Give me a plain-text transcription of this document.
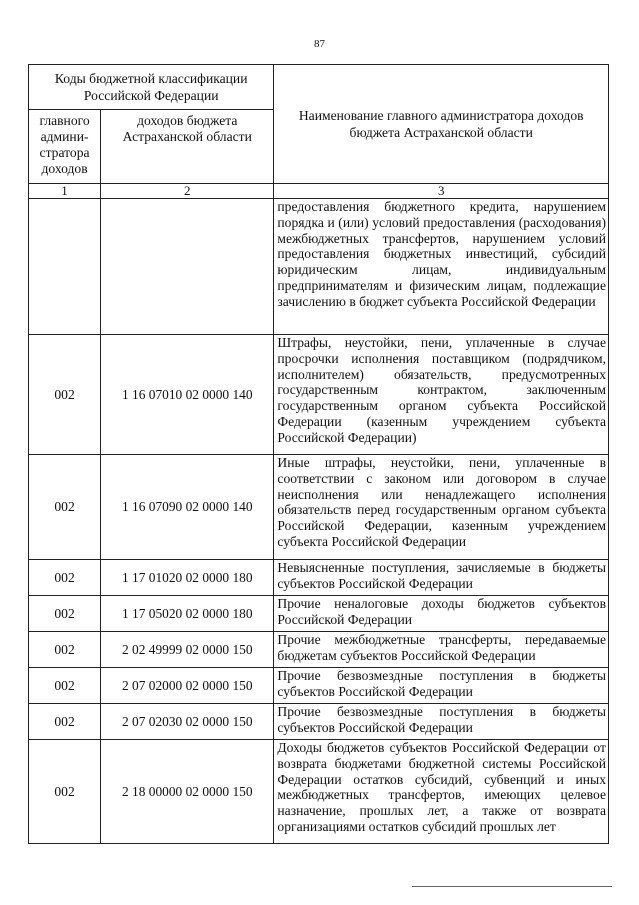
87
Коды бюджетной классификации Российской Федерации		Наименование главного администратора доходов бюджета Астраханской области
главного админи-стратора доходов	доходов бюджета Астраханской области	
1	2	3
		предоставления бюджетного кредита, нарушением порядка и (или) условий предоставления (расходования) межбюджетных трансфертов, нарушением условий предоставления бюджетных инвестиций, субсидий юридическим лицам, индивидуальным предпринимателям и физическим лицам, подлежащие зачислению в бюджет субъекта Российской Федерации
002	1 16 07010 02 0000 140	Штрафы, неустойки, пени, уплаченные в случае просрочки исполнения поставщиком (подрядчиком, исполнителем) обязательств, предусмотренных государственным контрактом, заключенным государственным органом субъекта Российской Федерации (казенным учреждением субъекта Российской Федерации)
002	1 16 07090 02 0000 140	Иные штрафы, неустойки, пени, уплаченные в соответствии с законом или договором в случае неисполнения или ненадлежащего исполнения обязательств перед государственным органом субъекта Российской Федерации, казенным учреждением субъекта Российской Федерации
002	1 17 01020 02 0000 180	Невыясненные поступления, зачисляемые в бюджеты субъектов Российской Федерации
002	1 17 05020 02 0000 180	Прочие неналоговые доходы бюджетов субъектов Российской Федерации
002	2 02 49999 02 0000 150	Прочие межбюджетные трансферты, передаваемые бюджетам субъектов Российской Федерации
002	2 07 02000 02 0000 150	Прочие безвозмездные поступления в бюджеты субъектов Российской Федерации
002	2 07 02030 02 0000 150	Прочие безвозмездные поступления в бюджеты субъектов Российской Федерации
002	2 18 00000 02 0000 150	Доходы бюджетов субъектов Российской Федерации от возврата бюджетами бюджетной системы Российской Федерации остатков субсидий, субвенций и иных межбюджетных трансфертов, имеющих целевое назначение, прошлых лет, а также от возврата организациями остатков субсидий прошлых лет
